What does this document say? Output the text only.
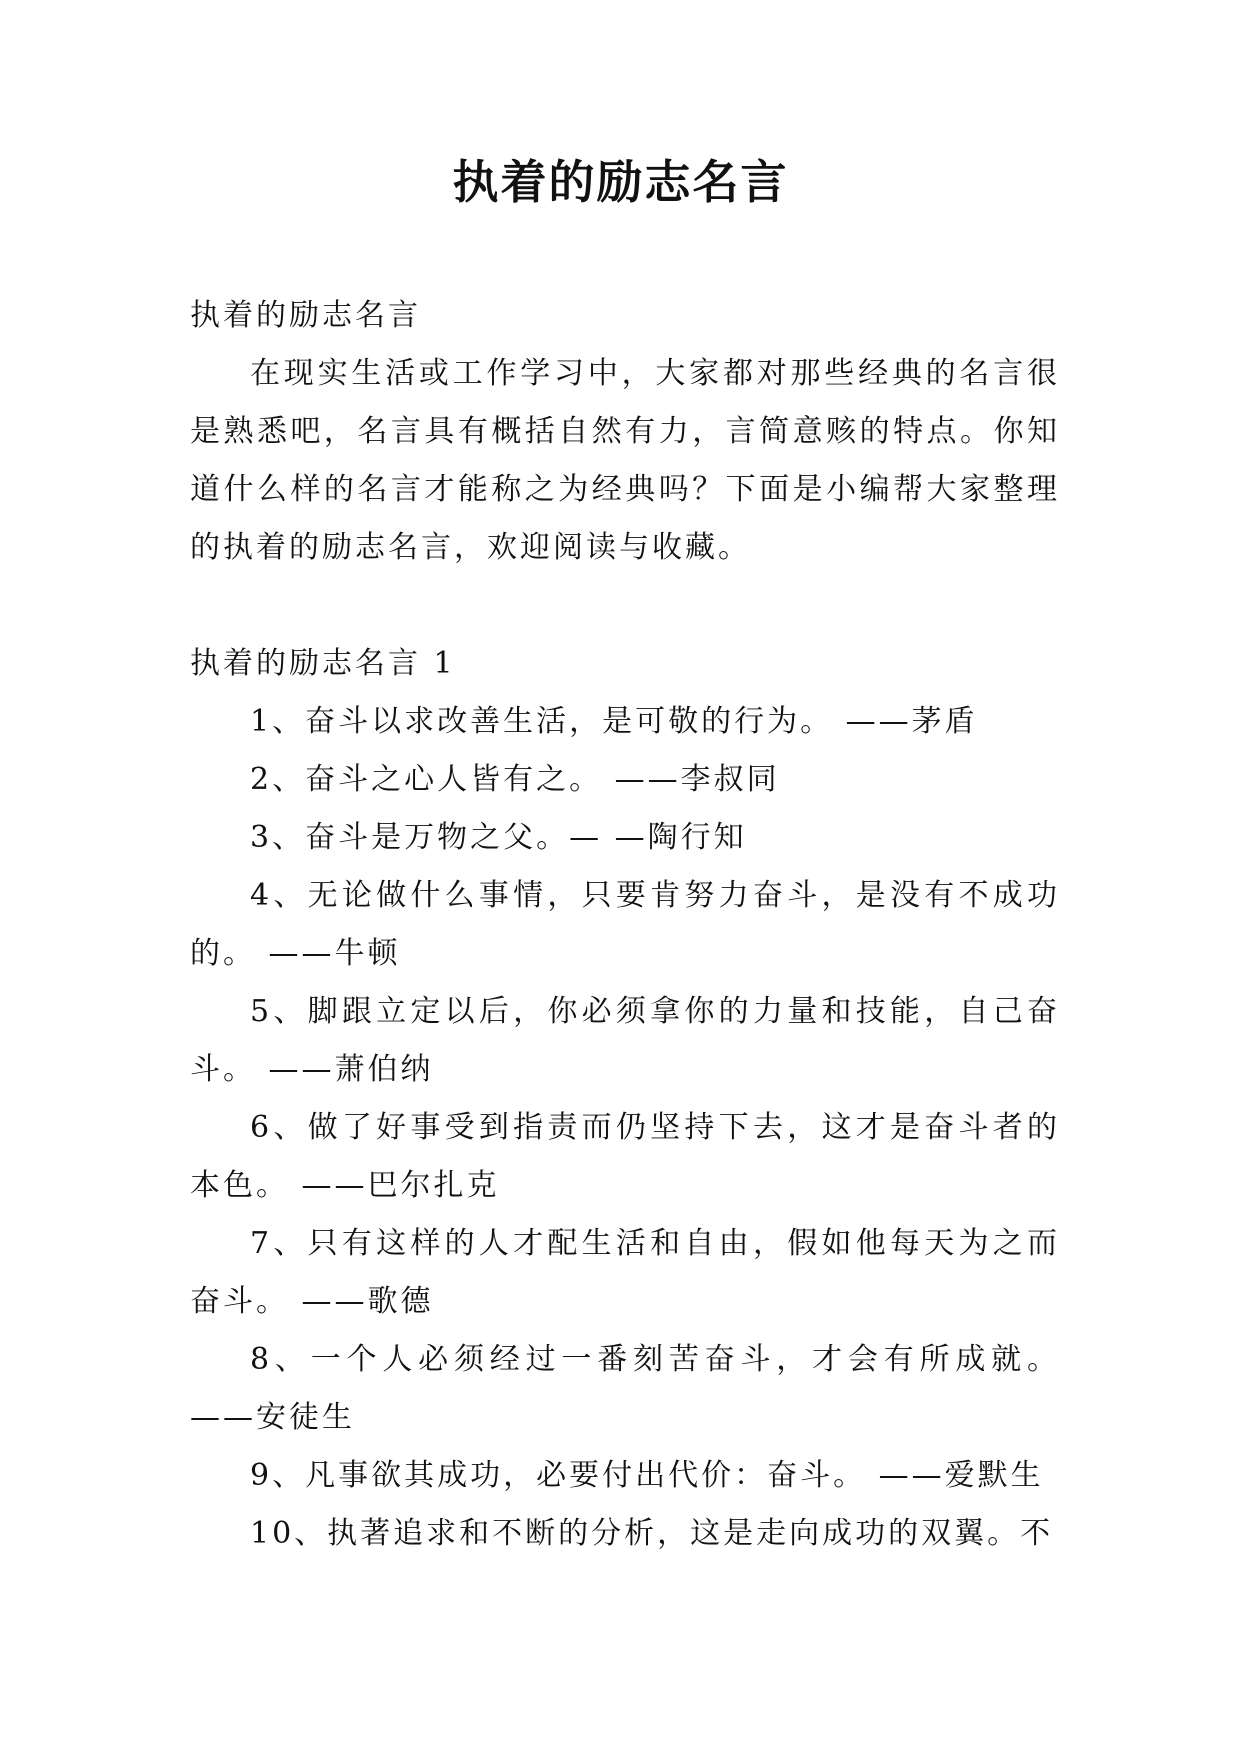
执着的励志名言

执着的励志名言

在现实生活或工作学习中，大家都对那些经典的名言很是熟悉吧，名言具有概括自然有力，言简意赅的特点。你知道什么样的名言才能称之为经典吗？下面是小编帮大家整理的执着的励志名言，欢迎阅读与收藏。

执着的励志名言 1

1、奋斗以求改善生活，是可敬的行为。 ——茅盾

2、奋斗之心人皆有之。 ——李叔同

3、奋斗是万物之父。— —陶行知

4、无论做什么事情，只要肯努力奋斗，是没有不成功的。 ——牛顿

5、脚跟立定以后，你必须拿你的力量和技能，自己奋斗。 ——萧伯纳

6、做了好事受到指责而仍坚持下去，这才是奋斗者的本色。 ——巴尔扎克

7、只有这样的人才配生活和自由，假如他每天为之而奋斗。 ——歌德

8、一个人必须经过一番刻苦奋斗，才会有所成就。 ——安徒生

9、凡事欲其成功，必要付出代价：奋斗。 ——爱默生

10、执著追求和不断的分析，这是走向成功的双翼。不
